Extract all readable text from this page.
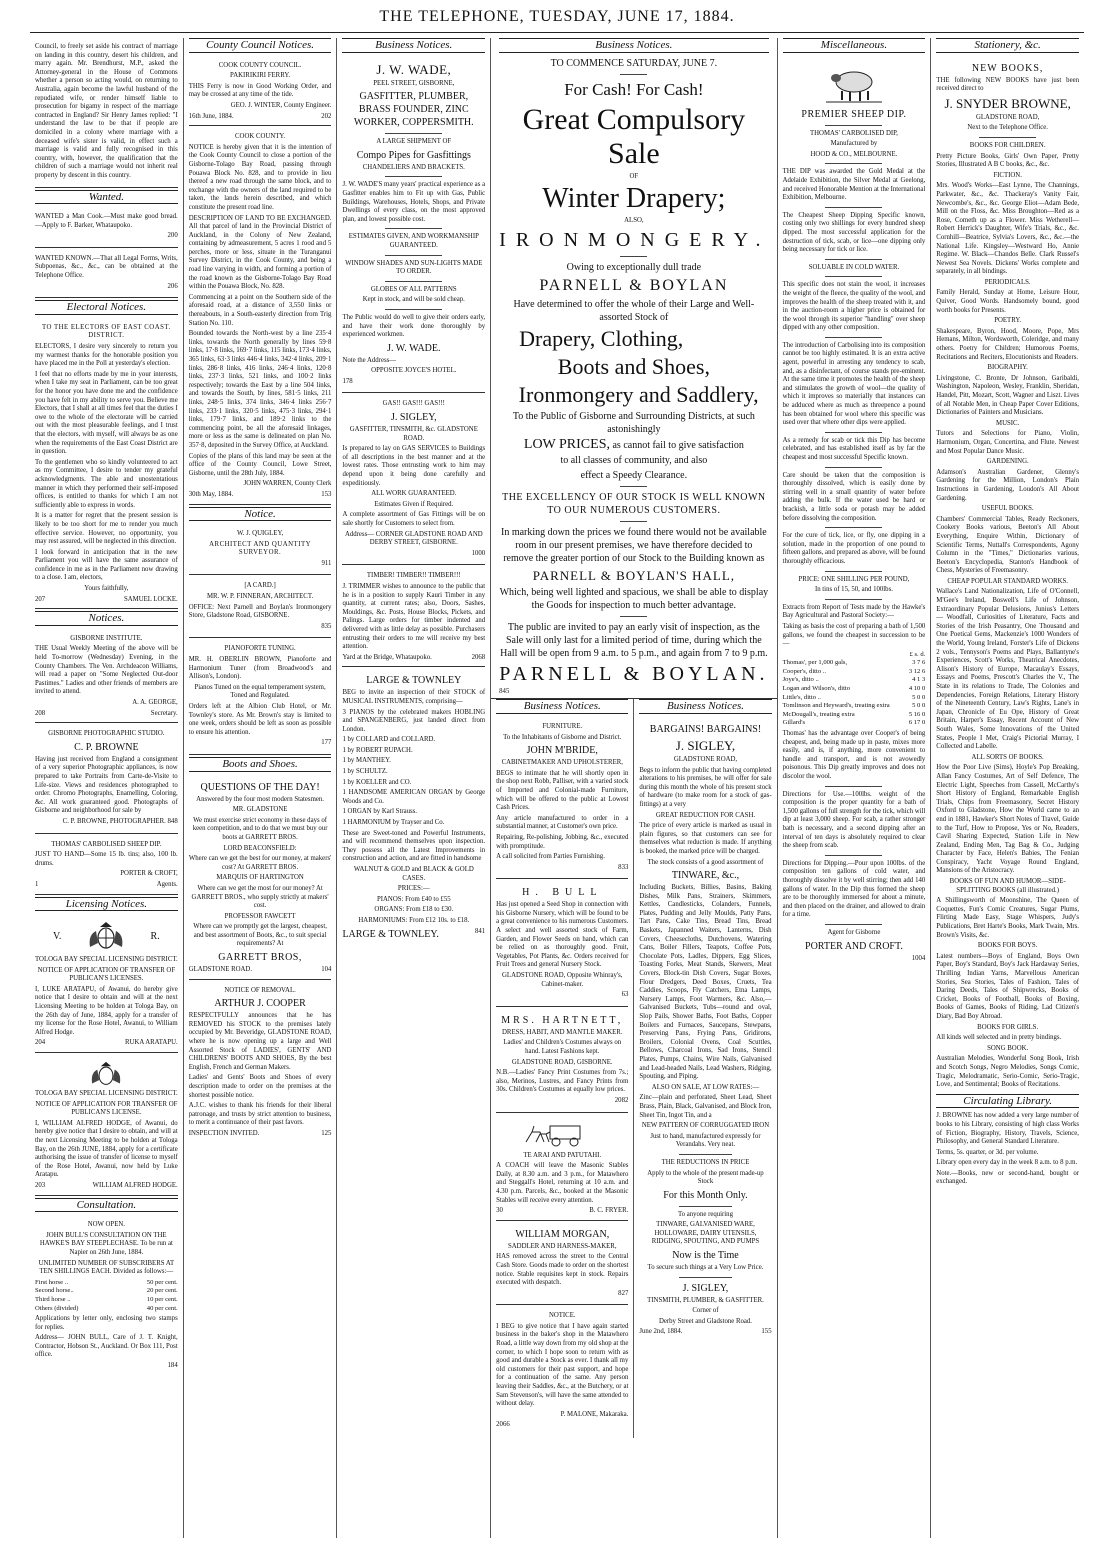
THE TELEPHONE, TUESDAY, JUNE 17, 1884.

Council, to freely set aside his contract of marriage on landing in this country, desert his children, and marry again. Mr. Brendhurst, M.P., asked the Attorney-general in the House of Commons whether a person so acting would, on returning to Australia, again become the lawful husband of the repudiated wife, or render himself liable to prosecution for bigamy in respect of the marriage contracted in England? Sir Henry James replied: "I understand the law to be that if people are domiciled in a colony where marriage with a deceased wife's sister is valid, in effect such a marriage is valid and fully recognised in this country, with, however, the qualification that the children of such a marriage would not inherit real property by descent in this country.

Wanted.

WANTED a Man Cook.—Must make good bread.—Apply to F. Barker, Whataupoko.

200

WANTED KNOWN.—That all Legal Forms, Writs, Subpoenas, &c., &c., can be obtained at the Telephone Office.

206

Electoral Notices.

TO THE ELECTORS OF EAST COAST. DISTRICT.

ELECTORS, I desire very sincerely to return you my warmest thanks for the honorable position you have placed me in the Poll at yesterday's election.

I feel that no efforts made by me in your interests, when I take my seat in Parliament, can be too great for the honor you have done me and the confidence you have felt in my ability to serve you. Believe me Electors, that I shall at all times feel that the duties I owe to the whole of the electorate will be carried out with the most pleasurable feelings, and I trust that the electors, with myself, will always be as one when the requirements of the East Coast District are in question.

To the gentlemen who so kindly volunteered to act as my Committee, I desire to tender my grateful acknowledgments. The able and unostentatious manner in which they performed their self-imposed offices, is entitled to thanks for which I am not sufficiently able to express in words.

It is a matter for regret that the present session is likely to be too short for me to render you much effective service. However, no opportunity, you may rest assured, will be neglected in this direction.

I look forward in anticipation that in the new Parliament you will have the same assurance of confidence in me as in the Parliament now drawing to a close. I am, electors,

Yours faithfully,

207	SAMUEL LOCKE.
Notices.

GISBORNE INSTITUTE.

THE Usual Weekly Meeting of the above will be held To-morrow (Wednesday) Evening, in the County Chambers. The Ven. Archdeacon Williams, will read a paper on "Some Neglected Out-door Pastimes." Ladies and other friends of members are invited to attend.

A. A. GEORGE,

208	Secretary.

GISBORNE PHOTOGRAPHIC STUDIO.

C. P. BROWNE

Having just received from England a consignment of a very superior Photographic appliances, is now prepared to take Portraits from Carte-de-Visite to Life-size. Views and residences photographed to order. Chromo Photographs, Enamelling, Coloring, &c. All work guaranteed good. Photographs of Gisborne and neighborhood for sale by

C. P. BROWNE, PHOTOGRAPHER. 848

THOMAS' CARBOLISED SHEEP DIP.

JUST TO HAND—Some 15 lb. tins; also, 100 lb. drums.

PORTER & CROFT,

1	Agents.
Licensing Notices.
V.	R.

TOLOGA BAY SPECIAL LICENSING DISTRICT.

NOTICE OF APPLICATION OF TRANSFER OF PUBLICAN'S LICENSES.

I, LUKE ARATAPU, of Awanui, do hereby give notice that I desire to obtain and will at the next Licensing Meeting to be holden at Tologa Bay, on the 26th day of June, 1884, apply for a transfer of my license for the Rose Hotel, Awanui, to William Alfred Hodge.

204	RUKA ARATAPU.

TOLOGA BAY SPECIAL LICENSING DISTRICT.

NOTICE OF APPLICATION FOR TRANSFER OF PUBLICAN'S LICENSE.

I, WILLIAM ALFRED HODGE, of Awanui, do hereby give notice that I desire to obtain, and will at the next Licensing Meeting to be holden at Tologa Bay, on the 26th JUNE, 1884, apply for a certificate authorising the issue of transfer of license to myself of the Rose Hotel, Awanui, now held by Luke Aratapu.

203	WILLIAM ALFRED HODGE.
Consultation.

NOW OPEN.

JOHN BULL'S CONSULTATION ON THE HAWKE'S BAY STEEPLECHASE. To be run at Napier on 26th June, 1884.

UNLIMITED NUMBER OF SUBSCRIBERS AT TEN SHILLINGS EACH. Divided as follows:—

First horse ..	50 per cent.
Second horse..	20 per cent.
Third horse ..	10 per cent.
Others (divided)	40 per cent.

Applications by letter only, enclosing two stamps for replies.

Address— JOHN BULL, Care of J. T. Knight, Contractor, Hobson St., Auckland. Or Box 111, Post office.

184

County Council Notices.

COOK COUNTY COUNCIL.

PAKIRIKIRI FERRY.

THIS Ferry is now in Good Working Order, and may be crossed at any time of the tide.

GEO. J. WINTER, County Engineer.

16th June, 1884.	202

COOK COUNTY.

NOTICE is hereby given that it is the intention of the Cook County Council to close a portion of the Gisborne-Tolago Bay Road, passing through Pouawa Block No. 828, and to provide in lieu thereof a new road through the same block, and to exchange with the owners of the land required to be taken, the lands herein described, and which constitute the present road line.

DESCRIPTION OF LAND TO BE EXCHANGED. All that parcel of land in the Provincial District of Auckland, in the Colony of New Zealand, containing by admeasurement, 5 acres 1 rood and 5 perches, more or less, situate in the Turanganui Survey District, in the Cook County, and being a road line varying in width, and forming a portion of the road known as the Gisborne-Tolago Bay Road within the Pouawa Block, No. 828.

Commencing at a point on the Southern side of the aforesaid road, at a distance of 3,550 links or thereabouts, in a South-easterly direction from Trig Station No. 110.

Bounded towards the North-west by a line 235·4 links, towards the North generally by lines 59·8 links, 17·8 links, 169·7 links, 115 links, 173·4 links, 365 links, 63·3 links 446·4 links, 342·4 links, 209·1 links, 286·8 links, 416 links, 246·4 links, 120·8 links, 237·3 links, 521 links, and 100·2 links respectively; towards the East by a line 504 links, and towards the South, by lines, 581·5 links, 211 links, 248·5 links, 374 links, 346·4 links 256·7 links, 233·1 links, 320·5 links, 475·3 links, 294·1 links, 179·7 links, and 189·2 links to the commencing point, be all the aforesaid linkages, more or less as the same is delineated on plan No. 357·8, deposited in the Survey Office, at Auckland.

Copies of the plans of this land may be seen at the office of the County Council, Lowe Street, Gisborne, until the 28th July, 1884.

JOHN WARREN, County Clerk

30th May, 1884.	153
Notice.

W. J. QUIGLEY,

ARCHITECT AND QUANTITY SURVEYOR.

911

[A CARD.]

MR. W. P. FINNERAN, ARCHITECT.

OFFICE: Next Parnell and Boylan's Ironmongery Store, Gladstone Road, GISBORNE.

835

PIANOFORTE TUNING.

MR. H. OBERLIN BROWN, Pianoforte and Harmonium Tuner (from Broadwood's and Allison's, London).

Pianos Tuned on the equal temperament system, Toned and Regulated.

Orders left at the Albion Club Hotel, or Mr. Townley's store. As Mr. Brown's stay is limited to one week, orders should be left as soon as possible to ensure his attention.

177

Boots and Shoes.

QUESTIONS OF THE DAY!

Answered by the four most modern Statesmen.

MR. GLADSTONE

We must exercise strict economy in these days of keen competition, and to do that we must buy our boots at GARRETT BROS.

LORD BEACONSFIELD:

Where can we get the best for our money, at makers' cost? At GARRETT BROS.

MARQUIS OF HARTINGTON

Where can we get the most for our money? At GARRETT BROS., who supply strictly at makers' cost.

PROFESSOR FAWCETT

Where can we promptly get the largest, cheapest, and best assortment of Boots, &c., to suit special requirements? At

GARRETT BROS,

GLADSTONE ROAD.	104

NOTICE OF REMOVAL.

ARTHUR J. COOPER

RESPECTFULLY announces that he has REMOVED his STOCK to the premises lately occupied by Mr. Beveridge, GLADSTONE ROAD, where he is now opening up a large and Well Assorted Stock of LADIES', GENTS' AND CHILDRENS' BOOTS AND SHOES, By the best English, French and German Makers.

Ladies' and Gents' Boots and Shoes of every description made to order on the premises at the shortest possible notice.

A.J.C. wishes to thank his friends for their liberal patronage, and trusts by strict attention to business, to merit a continuance of their past favors.

INSPECTION INVITED.	125
Business Notices.

J. W. WADE,

PEEL STREET, GISBORNE,

GASFITTER, PLUMBER, BRASS FOUNDER, ZINC WORKER, COPPERSMITH.

A LARGE SHIPMENT OF

Compo Pipes for Gasfittings

CHANDELIERS AND BRACKETS.

J. W. WADE'S many years' practical experience as a Gasfitter enables him to Fit up with Gas, Public Buildings, Warehouses, Hotels, Shops, and Private Dwellings of every class, on the most approved plan, and lowest possible cost.

ESTIMATES GIVEN, AND WORKMANSHIP GUARANTEED.

WINDOW SHADES AND SUN-LIGHTS MADE TO ORDER.

GLOBES OF ALL PATTERNS

Kept in stock, and will be sold cheap.

The Public would do well to give their orders early, and have their work done thoroughly by experienced workmen.

J. W. WADE.

Note the Address—

OPPOSITE JOYCE'S HOTEL.

178

GAS!! GAS!!! GAS!!!

J. SIGLEY,

GASFITTER, TINSMITH, &c. GLADSTONE ROAD.

Is prepared to lay on GAS SERVICES to Buildings of all descriptions in the best manner and at the lowest rates. Those entrusting work to him may depend upon it being done carefully and expeditiously.

ALL WORK GUARANTEED.

Estimates Given if Required.

A complete assortment of Gas Fittings will be on sale shortly for Customers to select from.

Address— CORNER GLADSTONE ROAD AND DERBY STREET, GISBORNE.

1000

TIMBER! TIMBER!! TIMBER!!!

J. TRIMMER wishes to announce to the public that he is in a position to supply Kauri Timber in any quantity, at current rates; also, Doors, Sashes, Mouldings, &c. Posts, House Blocks, Pickets, and Palings. Large orders for timber indented and delivered with as little delay as possible. Purchasers entrusting their orders to me will receive my best attention.

Yard at the Bridge, Whataupoko.	2068

LARGE & TOWNLEY

BEG to invite an inspection of their STOCK of MUSICAL INSTRUMENTS, comprising—

3 PIANOS by the celebrated makers HOBLING and SPANGENBERG, just landed direct from London.

1 by COLLARD and COLLARD.

1 by ROBERT RUPACH.

1 by MANTHEY.

1 by SCHULTZ.

1 by KOELLER and CO.

1 HANDSOME AMERICAN ORGAN by George Woods and Co.

1 ORGAN by Karl Strauss.

1 HARMONIUM by Trayser and Co.

These are Sweet-toned and Powerful Instruments, and will recommend themselves upon inspection. They possess all the Latest Improvements in construction and action, and are fitted in handsome

WALNUT & GOLD and BLACK & GOLD CASES.

PRICES:—

PIANOS: From £40 to £55

ORGANS: From £18 to £30.

HARMONIUMS: From £12 10s. to £18.

LARGE & TOWNLEY.	841
Business Notices.

TO COMMENCE SATURDAY, JUNE 7.

For Cash! For Cash!

Great Compulsory Sale

OF

Winter Drapery;

ALSO,

IRONMONGERY.

Owing to exceptionally dull trade

PARNELL & BOYLAN

Have determined to offer the whole of their Large and Well-assorted Stock of

Drapery, Clothing,

Boots and Shoes,

Ironmongery and Saddlery,

To the Public of Gisborne and Surrounding Districts, at such astonishingly

LOW PRICES, as cannot fail to give satisfaction

to all classes of community, and also

effect a Speedy Clearance.

THE EXCELLENCY OF OUR STOCK IS WELL KNOWN TO OUR NUMEROUS CUSTOMERS.

In marking down the prices we found there would not be available room in our present premises, we have therefore decided to remove the greater portion of our Stock to the Building known as

PARNELL & BOYLAN'S HALL,

Which, being well lighted and spacious, we shall be able to display the Goods for inspection to much better advantage.

The public are invited to pay an early visit of inspection, as the Sale will only last for a limited period of time, during which the Hall will be open from 9 a.m. to 5 p.m., and again from 7 to 9 p.m.

PARNELL & BOYLAN.

845

Business Notices.

FURNITURE.

To the Inhabitants of Gisborne and District.

JOHN M'BRIDE,

CABINETMAKER AND UPHOLSTERER,

BEGS to intimate that he will shortly open in the shop next Robb, Palliser, with a varied stock of Imported and Colonial-made Furniture, which will be offered to the public at Lowest Cash Prices.

Any article manufactured to order in a substantial manner, at Customer's own price.

Repairing, Re-polishing, Jobbing, &c., executed with promptitude.

A call solicited from Parties Furnishing.

833

H. BULL

Has just opened a Seed Shop in connection with his Gisborne Nursery, which will be found to be a great convenience to his numerous Customers. A select and well assorted stock of Farm, Garden, and Flower Seeds on hand, which can be relied on as thoroughly good. Fruit, Vegetables, Pot Plants, &c. Orders received for Fruit Trees and general Nursery Stock.

GLADSTONE ROAD, Opposite Whinray's, Cabinet-maker.

63

MRS. HARTNETT,

DRESS, HABIT, AND MANTLE MAKER.

Ladies' and Children's Costumes always on hand. Latest Fashions kept.

GLADSTONE ROAD, GISBORNE.

N.B.—Ladies' Fancy Print Costumes from 7s.; also, Merinos, Lustres, and Fancy Prints from 30s. Children's Costumes at equally low prices.

2082

TE ARAI AND PATUTAHI.

A COACH will leave the Masonic Stables Daily, at 8.30 a.m. and 3 p.m., for Matawhero and Steggall's Hotel, returning at 10 a.m. and 4.30 p.m. Parcels, &c., booked at the Masonic Stables will receive every attention.

30	B. C. FRYER.

WILLIAM MORGAN,

SADDLER AND HARNESS-MAKER,

HAS removed across the street to the Central Cash Store. Goods made to order on the shortest notice. Stable requisites kept in stock. Repairs executed with despatch.

827

NOTICE.

I BEG to give notice that I have again started business in the baker's shop in the Matawhero Road, a little way down from my old shop at the corner, to which I hope soon to return with as good and durable a Stock as ever. I thank all my old customers for their past support, and hope for a continuation of the same. Any person leaving their Saddles, &c., at the Butchery, or at Sam Stevenson's, will have the same attended to without delay.

P. MALONE, Makaraka.

2066

Business Notices.

BARGAINS! BARGAINS!

J. SIGLEY,

GLADSTONE ROAD,

Begs to inform the public that having completed alterations to his premises, he will offer for sale during this month the whole of his present stock of hardware (to make room for a stock of gas-fittings) at a very

GREAT REDUCTION FOR CASH.

The price of every article is marked as usual in plain figures, so that customers can see for themselves what reduction is made. If anything is booked, the marked price will be charged.

The stock consists of a good assortment of

TINWARE, &c.,

Including Buckets, Billies, Basins, Baking Dishes, Milk Pans, Strainers, Skimmers, Kettles, Candlesticks, Colanders, Funnels, Plates, Pudding and Jelly Moulds, Patty Pans, Tart Pans, Cake Tins, Bread Tins, Bread Baskets, Japanned Waiters, Lanterns, Dish Covers, Cheesecloths, Dutchovens, Watering Cans, Boiler Fillers, Teapots, Coffee Pots, Chocolate Pots, Ladles, Dippers, Egg Slices, Toasting Forks, Meat Stands, Skewers, Meat Covers, Block-tin Dish Covers, Sugar Boxes, Flour Dredgers, Deed Boxes, Cruets, Tea Caddies, Scoops, Fly Catchers, Etna Lamps, Nursery Lamps, Foot Warmers, &c. Also,—Galvanised Buckets, Tubs—round and oval, Slop Pails, Shower Baths, Foot Baths, Copper Boilers and Furnaces, Saucepans, Stewpans, Preserving Pans, Frying Pans, Gridirons, Broilers, Colonial Ovens, Coal Scuttles, Bellows, Charcoal Irons, Sad Irons, Stencil Plates, Pumps, Chains, Wire Nails, Galvanised and Lead-headed Nails, Lead Washers, Ridging, Spouting, and Piping.

ALSO ON SALE, AT LOW RATES:—

Zinc—plain and perforated, Sheet Lead, Sheet Brass, Plain, Black, Galvanised, and Block Iron, Sheet Tin, Ingot Tin, and a

NEW PATTERN OF CORRUGGATED IRON

Just to hand, manufactured expressly for Verandahs. Very neat.

THE REDUCTIONS IN PRICE

Apply to the whole of the present made-up Stock

For this Month Only.

To anyone requiring

TINWARE, GALVANISED WARE, HOLLOWARE, DAIRY UTENSILS, RIDGING, SPOUTING, AND PUMPS

Now is the Time

To secure such things at a Very Low Price.

J. SIGLEY,

TINSMITH, PLUMBER, & GASFITTER.

Corner of

Derby Street and Gladstone Road.

June 2nd, 1884.	155
Miscellaneous.

PREMIER SHEEP DIP.

THOMAS' CARBOLISED DIP,

Manufactured by

HOOD & CO., MELBOURNE.

THE DIP was awarded the Gold Medal at the Adelaide Exhibition, the Silver Medal at Geelong, and received Honorable Mention at the International Exhibition, Melbourne.

The Cheapest Sheep Dipping Specific known, costing only two shillings for every hundred sheep dipped. The most successful application for the destruction of tick, scab, or lice—one dipping only being necessary for tick or lice.

SOLUABLE IN COLD WATER.

This specific does not stain the wool, it increases the weight of the fleece, the quality of the wool, and improves the health of the sheep treated with it, and in the auction-room a higher price is obtained for the wool through its superior "handling" over sheep dipped with any other composition.

The introduction of Carbolising into its composition cannot be too highly estimated. It is an extra active agent, powerful in arresting any tendency to scab, and, as a disinfectant, of course stands pre-eminent. At the same time it promotes the health of the sheep and stimulates the growth of wool—the quality of which it improves so materially that instances can be adduced where as much as threepence a pound has been obtained for wool where this specific was used over that where other dips were applied.

As a remedy for scab or tick this Dip has become celebrated, and has established itself as by far the cheapest and most successful Specific known.

Care should be taken that the composition is thoroughly dissolved, which is easily done by stirring well in a small quantity of water before adding the bulk. If the water used be hard or brackish, a little soda or potash may be added before dissolving the composition.

For the cure of tick, lice, or fly, one dipping in a solution, made in the proportion of one pound to fifteen gallons, and prepared as above, will be found thoroughly efficacious.

PRICE: ONE SHILLING PER POUND,

In tins of 15, 50, and 100lbs.

Extracts from Report of Tests made by the Hawke's Bay Agricultural and Pastoral Society:—

Taking as basis the cost of preparing a bath of 1,500 gallons, we found the cheapest in succession to be—

	£ s. d.
Thomas', per 1,000 gals,	3 7 6
Cooper's, ditto ..	3 12 6
Joye's, ditto ..	4 1 3
Logan and Wilson's, ditto	4 10 0
Little's, ditto ..	5 0 0
Tomlinson and Heyward's, treating extra	5 0 0
McDougall's, treating extra	5 16 0
Gillard's	6 17 0

Thomas' has the advantage over Cooper's of being cheapest, and, being made up in paste, mixes more easily, and is, if anything, more convenient to handle and transport, and is not avowedly poisonous. This Dip greatly improves and does not discolor the wool.

Directions for Use.—100lbs. weight of the composition is the proper quantity for a bath of 1,500 gallons of full strength for the tick, which will dip at least 3,000 sheep. For scab, a rather stronger bath is necessary, and a second dipping after an interval of ten days is absolutely required to clear the sheep from scab.

Directions for Dipping.—Pour upon 100lbs. of the composition ten gallons of cold water, and thoroughly dissolve it by well stirring; then add 140 gallons of water. In the Dip thus formed the sheep are to be thoroughly immersed for about a minute, and then placed on the drainer, and allowed to drain for a time.

Agent for Gisborne

PORTER AND CROFT.

1004

Stationery, &c.

NEW BOOKS,

THE following NEW BOOKS have just been received direct to

J. SNYDER BROWNE,

GLADSTONE ROAD,

Next to the Telephone Office.

BOOKS FOR CHILDREN.

Pretty Picture Books, Girls' Own Paper, Pretty Stories, Illustrated A B C books, &c., &c.

FICTION.

Mrs. Wood's Works—East Lynne, The Channings, Parkwater, &c., &c. Thackeray's Vanity Fair, Newcombe's, &c., &c. George Eliot—Adam Bede, Mill on the Floss, &c. Miss Broughton—Red as a Rose, Cometh up as a Flower. Miss Wetherell—Robert Herrick's Daughter, Wife's Trials, &c., &c. Cornhill—Beatrice, Sylvia's Lovers, &c., &c.—the National Life. Kingsley—Westward Ho, Annie Regime. W. Black—Chandos Belle. Clark Russel's Newest Sea Novels. Dickens' Works complete and separately, in all bindings.

PERIODICALS.

Family Herald, Sunday at Home, Leisure Hour, Quiver, Good Words. Handsomely bound, good worth books for Presents.

POETRY.

Shakespeare, Byron, Hood, Moore, Pope, Mrs Hemans, Milton, Wordsworth, Coleridge, and many others. Poetry for Children; Humorous Poems, Recitations and Reciters, Elocutionists and Readers.

BIOGRAPHY.

Livingstone, C. Bronte, Dr Johnson, Garibaldi, Washington, Napoleon, Wesley, Franklin, Sheridan, Handel, Pitt, Mozart, Scott, Wagner and Liszt. Lives of all Notable Men, in Cheap Paper Cover Editions, Dictionaries of Painters and Musicians.

MUSIC.

Tutors and Selections for Piano, Violin, Harmonium, Organ, Concertina, and Flute. Newest and Most Popular Dance Music.

GARDENING.

Adamson's Australian Gardener, Glenny's Gardening for the Million, London's Plain Instructions in Gardening, Loudon's All About Gardening.

USEFUL BOOKS.

Chambers' Commercial Tables, Ready Reckoners, Cookery Books various, Beeton's All About Everything, Enquire Within, Dictionary of Scientific Terms, Nuttall's Correspondents, Agony Column in the "Times," Dictionaries various, Beeton's Encyclopedia, Stanton's Handbook of Chess, Mysteries of Freemasonry.

CHEAP POPULAR STANDARD WORKS.

Wallace's Land Nationalization, Life of O'Connell, M'Gee's Ireland, Boswell's Life of Johnson, Extraordinary Popular Delusions, Junius's Letters — Woodfall, Curiosities of Literature, Facts and Stories of the Irish Peasantry, One Thousand and One Poetical Gems, Mackenzie's 1000 Wonders of the World, Young Ireland, Forster's Life of Dickens 2 vols., Tennyson's Poems and Plays, Ballantyne's Experiences, Scott's Works, Theatrical Anecdotes, Alison's History of Europe, Macaulay's Essays, Essays and Poems, Prescott's Charles the V., The State in its relations to Trade, The Colonies and Dependencies, Foreign Relations, Literary History of the Nineteenth Century, Law's Rights, Lane's in Japan, Chronicle of Eu Ope, History of Great Britain, Harper's Essay, Recent Account of New South Wales, Some Innovations of the United States, People I Met, Craig's Pictorial Murray, I Collected and Labelle.

ALL SORTS OF BOOKS.

How the Poor Live (Sims), Hoyle's Pop Breaking, Allan Fancy Costumes, Art of Self Defence, The Electric Light, Speeches from Cassell, McCarthy's Short History of England, Remarkable English Trials, Chips from Freemasonry, Secret History Oxford to Gladstone, How the World came to an end in 1881, Hawker's Short Notes of Travel, Guide to the Turf, How to Propose, Yes or No, Readers, Cavil Sharing Expected, Station Life in New Zealand, Ending Men, Tag Bag & Co., Judging Character by Face, Helen's Babies, The Fenian Conspiracy, Yacht Voyage Round England, Mansions of the Aristocracy.

BOOKS OF FUN AND HUMOR—SIDE-SPLITTING BOOKS (all illustrated.)

A Shillingsworth of Moonshine, The Queen of Coquettes, Fun's Comic Creatures, Sugar Plums, Flirting Made Easy, Stage Whispers, Judy's Publications, Bret Harte's Books, Mark Twain, Mrs. Brown's Visits, &c.

BOOKS FOR BOYS.

Latest numbers—Boys of England, Boys Own Paper, Boy's Standard, Boy's Jack Hardaway Series, Thrilling Indian Yarns, Marvellous American Stories, Sea Stories, Tales of Fashion, Tales of Daring Deeds, Tales of Shipwrecks, Books of Cricket, Books of Football, Books of Boxing, Books of Games, Books of Riding, Lad Citizen's Diary, Bad Boy Abroad.

BOOKS FOR GIRLS.

All kinds well selected and in pretty bindings.

SONG BOOK.

Australian Melodies, Wonderful Song Book, Irish and Scotch Songs, Negro Melodies, Songs Comic, Tragic, Melodramatic, Serio-Comic, Serio-Tragic, Love, and Sentimental; Books of Recitations.

Circulating Library.

J. BROWNE has now added a very large number of books to his Library, consisting of high class Works of Fiction, Biography, History, Travels, Science, Philosophy, and General Standard Literature.

Terms, 5s. quarter, or 3d. per volume.

Library open every day in the week 8 a.m. to 8 p.m.

Note.—Books, new or second-hand, bought or exchanged.
